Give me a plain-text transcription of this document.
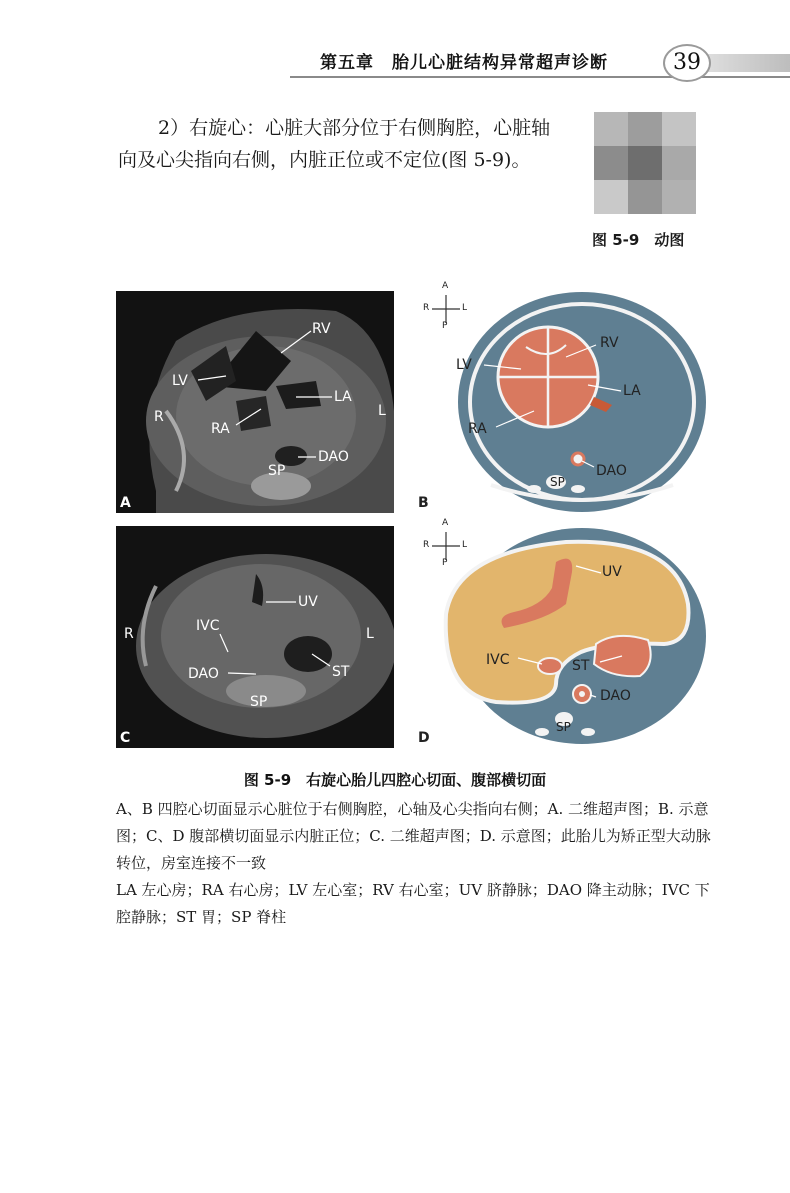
第五章　胎儿心脏结构异常超声诊断	39
2）右旋心：心脏大部分位于右侧胸腔，心脏轴向及心尖指向右侧，内脏正位或不定位(图 5-9)。
图 5-9　动图
RV
LV
LA
RA
R	L
DAO
SP
A
A
P
R	L
RV
LV
LA
RA
DAO
SP
B
UV
R	L
IVC
DAO	ST
SP
C
A
P
R	L
UV
IVC	ST
DAO
SP
D
图 5-9　右旋心胎儿四腔心切面、腹部横切面

A、B 四腔心切面显示心脏位于右侧胸腔，心轴及心尖指向右侧；A. 二维超声图；B. 示意图；C、D 腹部横切面显示内脏正位；C. 二维超声图；D. 示意图；此胎儿为矫正型大动脉转位，房室连接不一致

LA 左心房；RA 右心房；LV 左心室；RV 右心室；UV 脐静脉；DAO 降主动脉；IVC 下腔静脉；ST 胃；SP 脊柱
